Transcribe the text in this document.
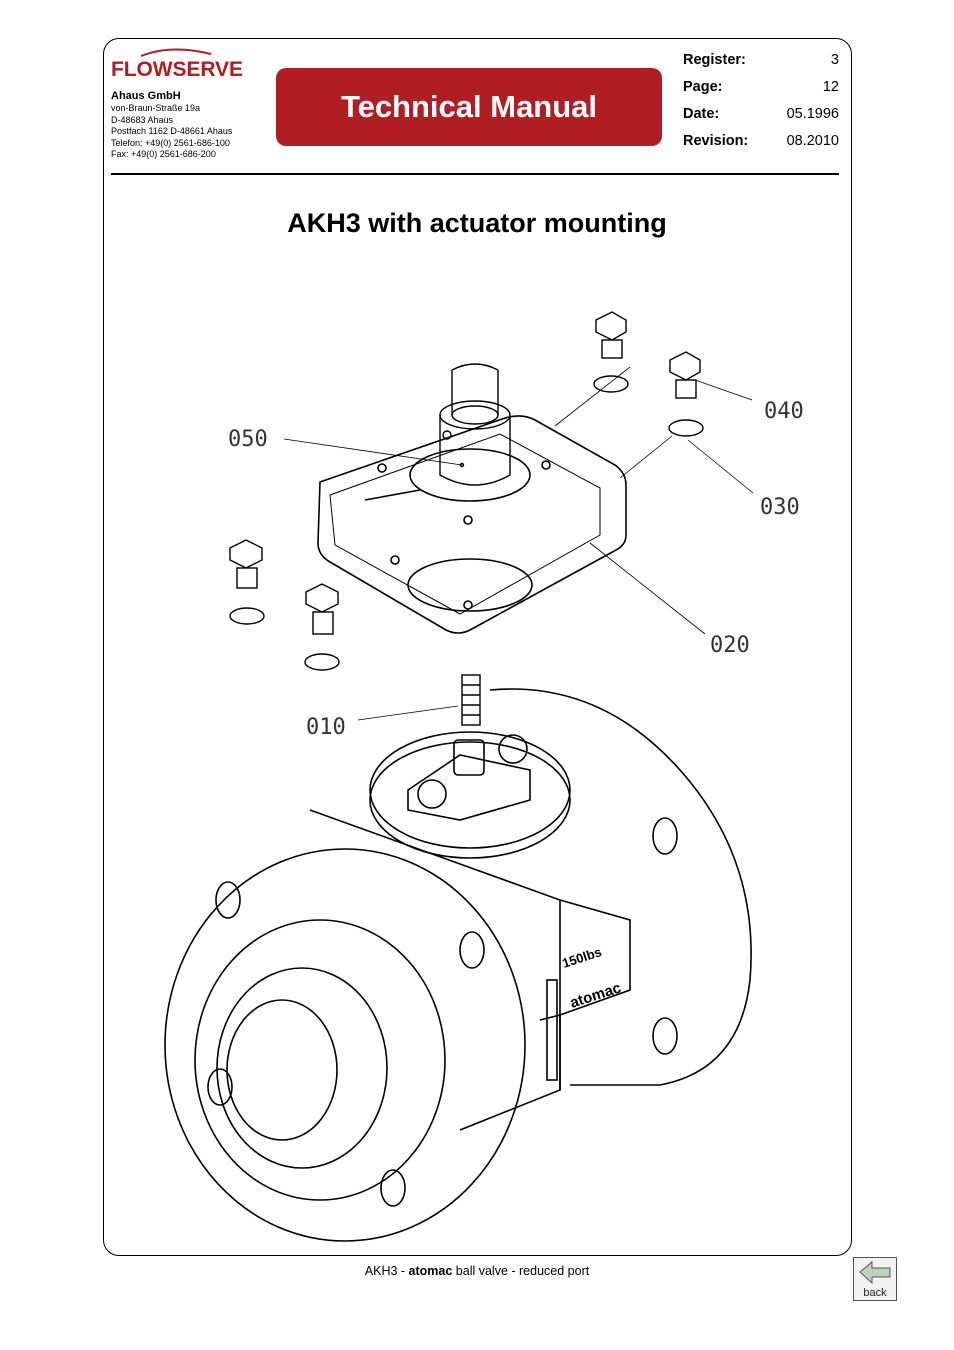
FLOWSERVE
Ahaus GmbH
von-Braun-Straße 19a
D-48683 Ahaus
Postfach 1162 D-48661 Ahaus
Telefon: +49(0) 2561-686-100
Fax: +49(0) 2561-686-200
Technical Manual
Register:	3
Page:	12
Date:	05.1996
Revision:	08.2010
AKH3 with actuator mounting
050
040
030
020
010
150lbs
atomac
AKH3 - atomac ball valve - reduced port
back
